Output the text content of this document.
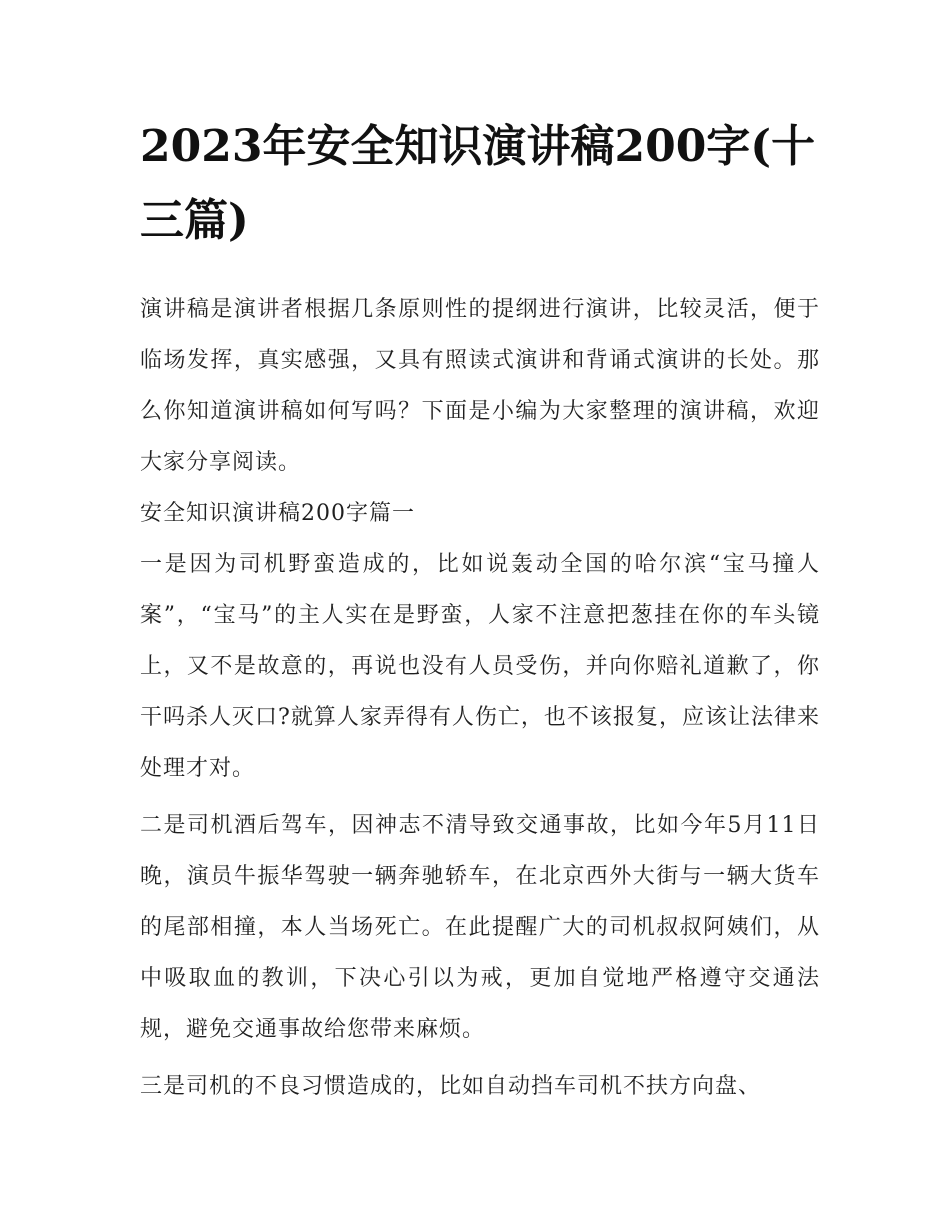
2023年安全知识演讲稿200字(十三篇)

演讲稿是演讲者根据几条原则性的提纲进行演讲，比较灵活，便于临场发挥，真实感强，又具有照读式演讲和背诵式演讲的长处。那么你知道演讲稿如何写吗？下面是小编为大家整理的演讲稿，欢迎大家分享阅读。

安全知识演讲稿200字篇一

一是因为司机野蛮造成的，比如说轰动全国的哈尔滨“宝马撞人案”，“宝马”的主人实在是野蛮，人家不注意把葱挂在你的车头镜上，又不是故意的，再说也没有人员受伤，并向你赔礼道歉了，你干吗杀人灭口?就算人家弄得有人伤亡，也不该报复，应该让法律来处理才对。

二是司机酒后驾车，因神志不清导致交通事故，比如今年5月11日晚，演员牛振华驾驶一辆奔驰轿车，在北京西外大街与一辆大货车的尾部相撞，本人当场死亡。在此提醒广大的司机叔叔阿姨们，从中吸取血的教训，下决心引以为戒，更加自觉地严格遵守交通法规，避免交通事故给您带来麻烦。

三是司机的不良习惯造成的，比如自动挡车司机不扶方向盘、
